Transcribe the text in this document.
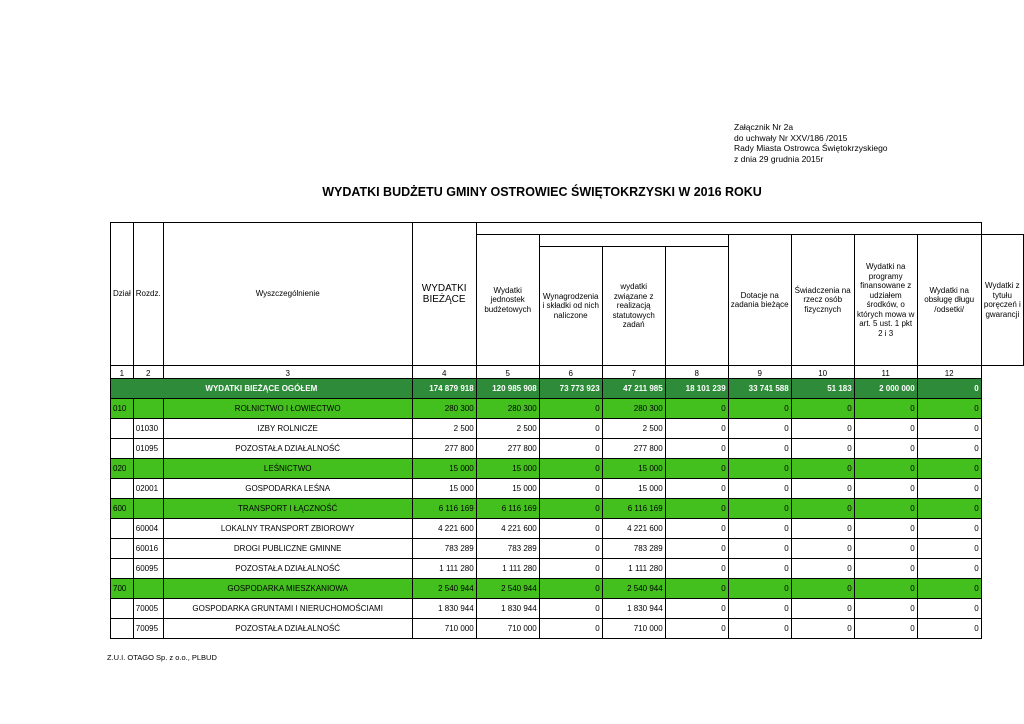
Załącznik Nr 2a
do uchwały Nr XXV/186 /2015
Rady Miasta Ostrowca Świętokrzyskiego
z dnia 29 grudnia 2015r
WYDATKI BUDŻETU GMINY OSTROWIEC ŚWIĘTOKRZYSKI W 2016 ROKU
Dział	Rozdz.	Wyszczególnienie	WYDATKI BIEŻĄCE									
				Wydatki jednostek budżetowych				Dotacje na zadania bieżące	Świadczenia na rzecz osób fizycznych	Wydatki na programy finansowane z udziałem środków, o których mowa w art. 5 ust. 1 pkt 2 i 3	Wydatki na obsługę długu /odsetki/	Wydatki z tytułu poręczeń i gwarancji
					Wynagrodzenia i składki od nich naliczone	wydatki związane z realizacją statutowych zadań						
1	2	3	4	5	6	7	8	9	10	11	12	
WYDATKI BIEŻĄCE OGÓŁEM			174 879 918	120 985 908	73 773 923	47 211 985	18 101 239	33 741 588	51 183	2 000 000	0	
010		ROLNICTWO I ŁOWIECTWO	280 300	280 300	0	280 300	0	0	0	0	0	
	01030	IZBY ROLNICZE	2 500	2 500	0	2 500	0	0	0	0	0	
	01095	POZOSTAŁA DZIAŁALNOŚĆ	277 800	277 800	0	277 800	0	0	0	0	0	
020		LEŚNICTWO	15 000	15 000	0	15 000	0	0	0	0	0	
	02001	GOSPODARKA LEŚNA	15 000	15 000	0	15 000	0	0	0	0	0	
600		TRANSPORT I ŁĄCZNOŚĆ	6 116 169	6 116 169	0	6 116 169	0	0	0	0	0	
	60004	LOKALNY TRANSPORT ZBIOROWY	4 221 600	4 221 600	0	4 221 600	0	0	0	0	0	
	60016	DROGI PUBLICZNE GMINNE	783 289	783 289	0	783 289	0	0	0	0	0	
	60095	POZOSTAŁA DZIAŁALNOŚĆ	1 111 280	1 111 280	0	1 111 280	0	0	0	0	0	
700		GOSPODARKA MIESZKANIOWA	2 540 944	2 540 944	0	2 540 944	0	0	0	0	0	
	70005	GOSPODARKA GRUNTAMI I NIERUCHOMOŚCIAMI	1 830 944	1 830 944	0	1 830 944	0	0	0	0	0	
	70095	POZOSTAŁA DZIAŁALNOŚĆ	710 000	710 000	0	710 000	0	0	0	0	0	
Z.U.I. OTAGO Sp. z o.o., PLBUD
